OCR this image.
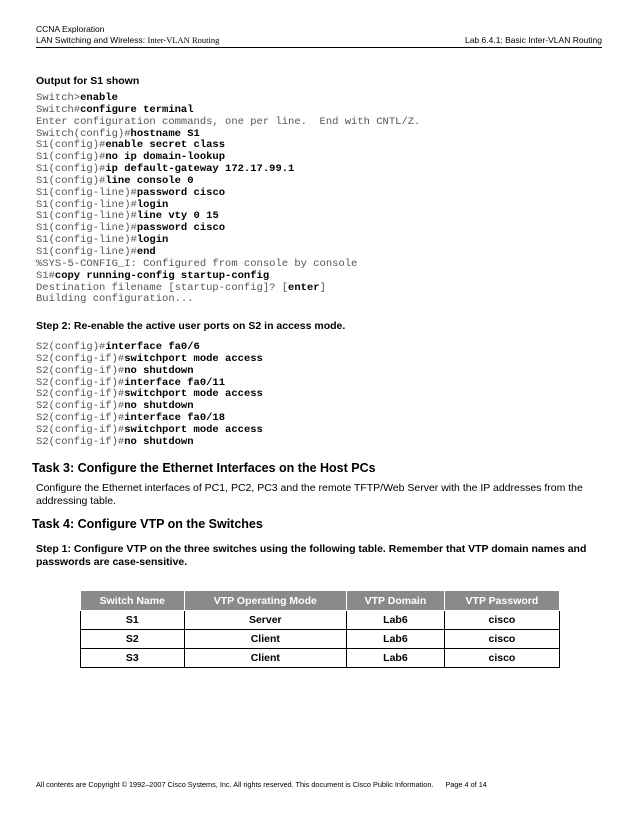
CCNA Exploration
LAN Switching and Wireless: Inter-VLAN Routing	Lab 6.4.1: Basic Inter-VLAN Routing
Output for S1 shown
Switch>enable
Switch#configure terminal
Enter configuration commands, one per line.  End with CNTL/Z.
Switch(config)#hostname S1
S1(config)#enable secret class
S1(config)#no ip domain-lookup
S1(config)#ip default-gateway 172.17.99.1
S1(config)#line console 0
S1(config-line)#password cisco
S1(config-line)#login
S1(config-line)#line vty 0 15
S1(config-line)#password cisco
S1(config-line)#login
S1(config-line)#end
%SYS-5-CONFIG_I: Configured from console by console
S1#copy running-config startup-config
Destination filename [startup-config]? [enter]
Building configuration...
Step 2: Re-enable the active user ports on S2 in access mode.
S2(config)#interface fa0/6
S2(config-if)#switchport mode access
S2(config-if)#no shutdown
S2(config-if)#interface fa0/11
S2(config-if)#switchport mode access
S2(config-if)#no shutdown
S2(config-if)#interface fa0/18
S2(config-if)#switchport mode access
S2(config-if)#no shutdown
Task 3: Configure the Ethernet Interfaces on the Host PCs
Configure the Ethernet interfaces of PC1, PC2, PC3 and the remote TFTP/Web Server with the IP addresses from the addressing table.
Task 4: Configure VTP on the Switches
Step 1: Configure VTP on the three switches using the following table. Remember that VTP domain names and passwords are case-sensitive.
Switch Name	VTP Operating Mode	VTP Domain	VTP Password
S1	Server	Lab6	cisco
S2	Client	Lab6	cisco
S3	Client	Lab6	cisco
All contents are Copyright © 1992–2007 Cisco Systems, Inc. All rights reserved. This document is Cisco Public Information. Page 4 of 14
